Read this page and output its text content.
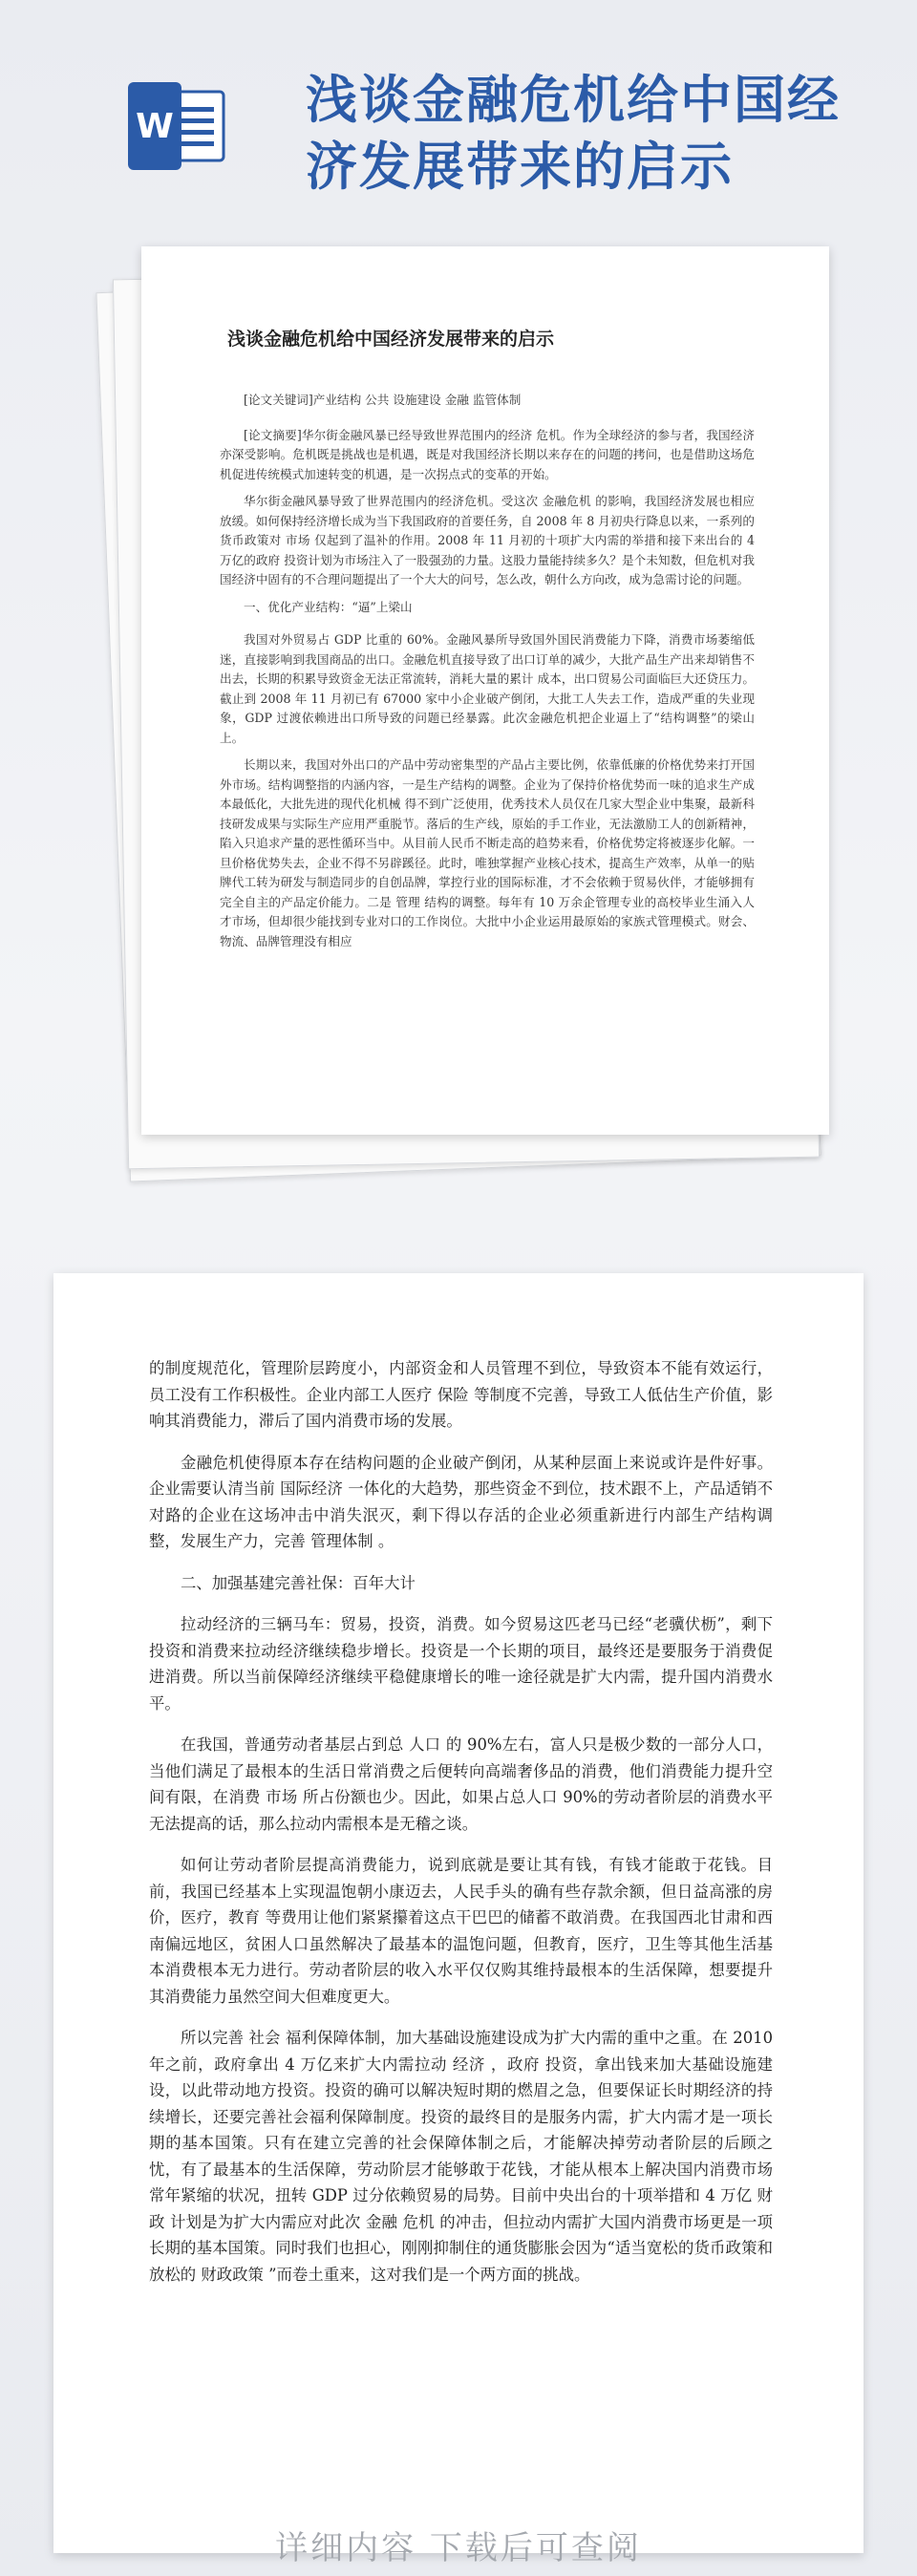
W	浅谈金融危机给中国经济发展带来的启示
浅谈金融危机给中国经济发展带来的启示

[论文关键词]产业结构 公共 设施建设 金融 监管体制

[论文摘要]华尔街金融风暴已经导致世界范围内的经济 危机。作为全球经济的参与者，我国经济亦深受影响。危机既是挑战也是机遇，既是对我国经济长期以来存在的问题的拷问，也是借助这场危机促进传统模式加速转变的机遇，是一次拐点式的变革的开始。

华尔街金融风暴导致了世界范围内的经济危机。受这次 金融危机 的影响，我国经济发展也相应放缓。如何保持经济增长成为当下我国政府的首要任务，自 2008 年 8 月初央行降息以来，一系列的货币政策对 市场 仅起到了温补的作用。2008 年 11 月初的十项扩大内需的举措和接下来出台的 4 万亿的政府 投资计划为市场注入了一股强劲的力量。这股力量能持续多久？是个未知数，但危机对我国经济中固有的不合理问题提出了一个大大的问号，怎么改，朝什么方向改，成为急需讨论的问题。

一、优化产业结构：“逼”上梁山

我国对外贸易占 GDP 比重的 60%。金融风暴所导致国外国民消费能力下降，消费市场萎缩低迷，直接影响到我国商品的出口。金融危机直接导致了出口订单的减少，大批产品生产出来却销售不出去，长期的积累导致资金无法正常流转，消耗大量的累计 成本，出口贸易公司面临巨大还贷压力。截止到 2008 年 11 月初已有 67000 家中小企业破产倒闭，大批工人失去工作，造成严重的失业现象，GDP 过渡依赖进出口所导致的问题已经暴露。此次金融危机把企业逼上了“结构调整”的梁山上。

长期以来，我国对外出口的产品中劳动密集型的产品占主要比例，依靠低廉的价格优势来打开国外市场。结构调整指的内涵内容，一是生产结构的调整。企业为了保持价格优势而一味的追求生产成本最低化，大批先进的现代化机械 得不到广泛使用，优秀技术人员仅在几家大型企业中集聚，最新科技研发成果与实际生产应用严重脱节。落后的生产线，原始的手工作业，无法激励工人的创新精神，陷入只追求产量的恶性循环当中。从目前人民币不断走高的趋势来看，价格优势定将被逐步化解。一旦价格优势失去，企业不得不另辟蹊径。此时，唯独掌握产业核心技术，提高生产效率，从单一的贴牌代工转为研发与制造同步的自创品牌，掌控行业的国际标准，才不会依赖于贸易伙伴，才能够拥有完全自主的产品定价能力。二是 管理 结构的调整。每年有 10 万余企管理专业的高校毕业生涌入人才市场，但却很少能找到专业对口的工作岗位。大批中小企业运用最原始的家族式管理模式。财会、物流、品牌管理没有相应

的制度规范化，管理阶层跨度小，内部资金和人员管理不到位，导致资本不能有效运行，员工没有工作积极性。企业内部工人医疗 保险 等制度不完善，导致工人低估生产价值，影响其消费能力，滞后了国内消费市场的发展。

金融危机使得原本存在结构问题的企业破产倒闭，从某种层面上来说或许是件好事。企业需要认清当前 国际经济 一体化的大趋势，那些资金不到位，技术跟不上，产品适销不对路的企业在这场冲击中消失泯灭，剩下得以存活的企业必须重新进行内部生产结构调整，发展生产力，完善 管理体制 。

二、加强基建完善社保：百年大计

拉动经济的三辆马车：贸易，投资，消费。如今贸易这匹老马已经“老骥伏枥”，剩下投资和消费来拉动经济继续稳步增长。投资是一个长期的项目，最终还是要服务于消费促进消费。所以当前保障经济继续平稳健康增长的唯一途径就是扩大内需，提升国内消费水平。

在我国，普通劳动者基层占到总 人口 的 90%左右，富人只是极少数的一部分人口，当他们满足了最根本的生活日常消费之后便转向高端奢侈品的消费，他们消费能力提升空间有限，在消费 市场 所占份额也少。因此，如果占总人口 90%的劳动者阶层的消费水平无法提高的话，那么拉动内需根本是无稽之谈。

如何让劳动者阶层提高消费能力，说到底就是要让其有钱，有钱才能敢于花钱。目前，我国已经基本上实现温饱朝小康迈去，人民手头的确有些存款余额，但日益高涨的房价，医疗，教育 等费用让他们紧紧攥着这点干巴巴的储蓄不敢消费。在我国西北甘肃和西南偏远地区，贫困人口虽然解决了最基本的温饱问题，但教育，医疗，卫生等其他生活基本消费根本无力进行。劳动者阶层的收入水平仅仅购其维持最根本的生活保障，想要提升其消费能力虽然空间大但难度更大。

所以完善 社会 福利保障体制，加大基础设施建设成为扩大内需的重中之重。在 2010 年之前，政府拿出 4 万亿来扩大内需拉动 经济 ，政府 投资，拿出钱来加大基础设施建设，以此带动地方投资。投资的确可以解决短时期的燃眉之急，但要保证长时期经济的持续增长，还要完善社会福利保障制度。投资的最终目的是服务内需，扩大内需才是一项长期的基本国策。只有在建立完善的社会保障体制之后，才能解决掉劳动者阶层的后顾之忧，有了最基本的生活保障，劳动阶层才能够敢于花钱，才能从根本上解决国内消费市场常年紧缩的状况，扭转 GDP 过分依赖贸易的局势。目前中央出台的十项举措和 4 万亿 财政 计划是为扩大内需应对此次 金融 危机 的冲击，但拉动内需扩大国内消费市场更是一项长期的基本国策。同时我们也担心，刚刚抑制住的通货膨胀会因为“适当宽松的货币政策和放松的 财政政策 ”而卷土重来，这对我们是一个两方面的挑战。

详细内容 下载后可查阅
